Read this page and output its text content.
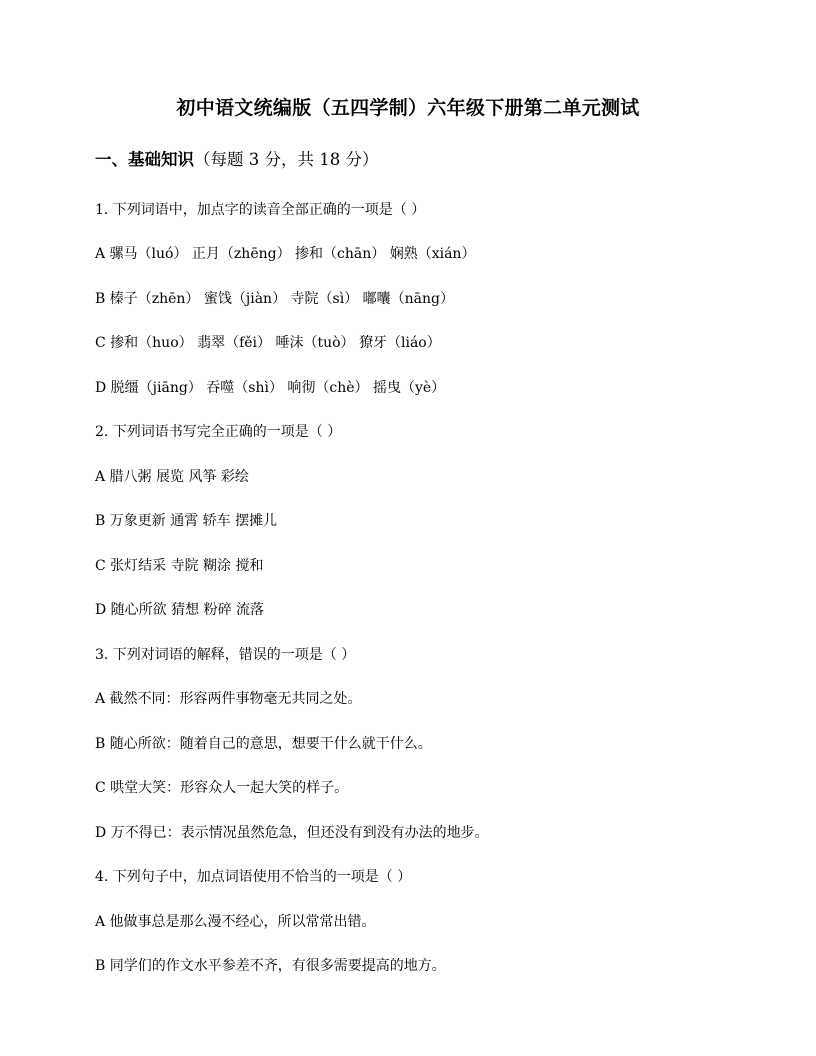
初中语文统编版（五四学制）六年级下册第二单元测试
一、基础知识（每题 3 分，共 18 分）
1. 下列词语中，加点字的读音全部正确的一项是（ ）
A 骡马（luó） 正月（zhēng） 掺和（chān） 娴熟（xián）
B 榛子（zhēn） 蜜饯（jiàn） 寺院（sì） 嘟囔（nāng）
C 掺和（huo） 翡翠（fěi） 唾沫（tuò） 獠牙（liáo）
D 脱缰（jiāng） 吞噬（shì） 响彻（chè） 摇曳（yè）
2. 下列词语书写完全正确的一项是（ ）
A 腊八粥 展览 风筝 彩绘
B 万象更新 通霄 轿车 摆摊儿
C 张灯结采 寺院 糊涂 搅和
D 随心所欲 猜想 粉碎 流落
3. 下列对词语的解释，错误的一项是（ ）
A 截然不同：形容两件事物毫无共同之处。
B 随心所欲：随着自己的意思，想要干什么就干什么。
C 哄堂大笑：形容众人一起大笑的样子。
D 万不得已：表示情况虽然危急，但还没有到没有办法的地步。
4. 下列句子中，加点词语使用不恰当的一项是（ ）
A 他做事总是那么漫不经心，所以常常出错。
B 同学们的作文水平参差不齐，有很多需要提高的地方。
